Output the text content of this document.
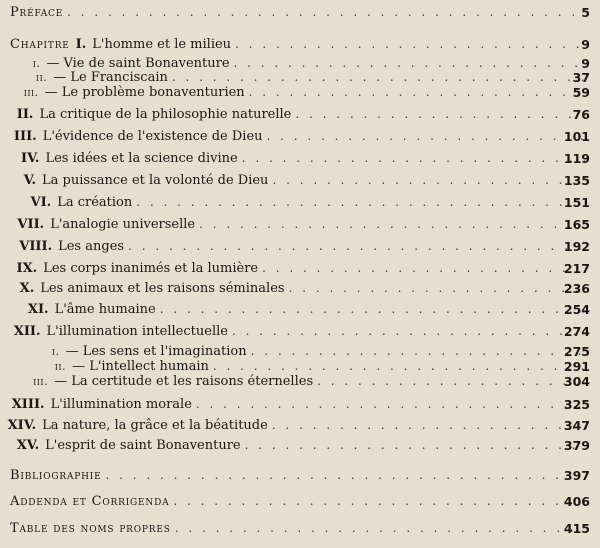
Préface . . .	5
Chapitre I. L'homme et le milieu . . .	9
i. — Vie de saint Bonaventure . . .	9
ii. — Le Franciscain . . .	37
iii. — Le problème bonaventurien . . .	59
II. La critique de la philosophie naturelle . . .	76
III. L'évidence de l'existence de Dieu . . .	101
IV. Les idées et la science divine . . .	119
V. La puissance et la volonté de Dieu . . .	135
VI. La création . . .	151
VII. L'analogie universelle . . .	165
VIII. Les anges . . .	192
IX. Les corps inanimés et la lumière . . .	217
X. Les animaux et les raisons séminales . . .	236
XI. L'âme humaine . . .	254
XII. L'illumination intellectuelle . . .	274
i. — Les sens et l'imagination . . .	275
ii. — L'intellect humain . . .	291
iii. — La certitude et les raisons éternelles . . .	304
XIII. L'illumination morale . . .	325
XIV. La nature, la grâce et la béatitude . . .	347
XV. L'esprit de saint Bonaventure . . .	379
Bibliographie . . .	397
Addenda et Corrigenda . . .	406
Table des noms propres . . .	415
